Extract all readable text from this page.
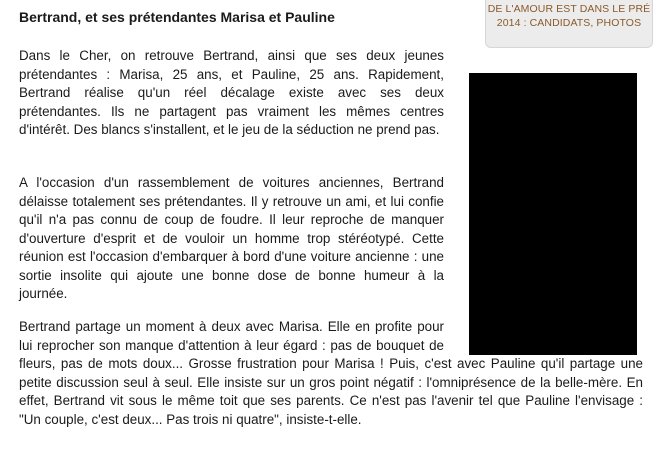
Bertrand, et ses prétendantes Marisa et Pauline

Dans le Cher, on retrouve Bertrand, ainsi que ses deux jeunes prétendantes : Marisa, 25 ans, et Pauline, 25 ans. Rapidement, Bertrand réalise qu'un réel décalage existe avec ses deux prétendantes. Ils ne partagent pas vraiment les mêmes centres d'intérêt. Des blancs s'installent, et le jeu de la séduction ne prend pas.

A l'occasion d'un rassemblement de voitures anciennes, Bertrand délaisse totalement ses prétendantes. Il y retrouve un ami, et lui confie qu'il n'a pas connu de coup de foudre. Il leur reproche de manquer d'ouverture d'esprit et de vouloir un homme trop stéréotypé. Cette réunion est l'occasion d'embarquer à bord d'une voiture ancienne : une sortie insolite qui ajoute une bonne dose de bonne humeur à la journée.

Bertrand partage un moment à deux avec Marisa. Elle en profite pour lui reprocher son manque d'attention à leur égard : pas de bouquet de fleurs, pas de mots doux... Grosse frustration pour Marisa ! Puis, c'est avec Pauline qu'il partage une petite discussion seul à seul. Elle insiste sur un gros point négatif : l'omniprésence de la belle-mère. En effet, Bertrand vit sous le même toit que ses parents. Ce n'est pas l'avenir tel que Pauline l'envisage : "Un couple, c'est deux... Pas trois ni quatre", insiste-t-elle.

DE L'AMOUR EST DANS LE PRÉ 2014 : CANDIDATS, PHOTOS
